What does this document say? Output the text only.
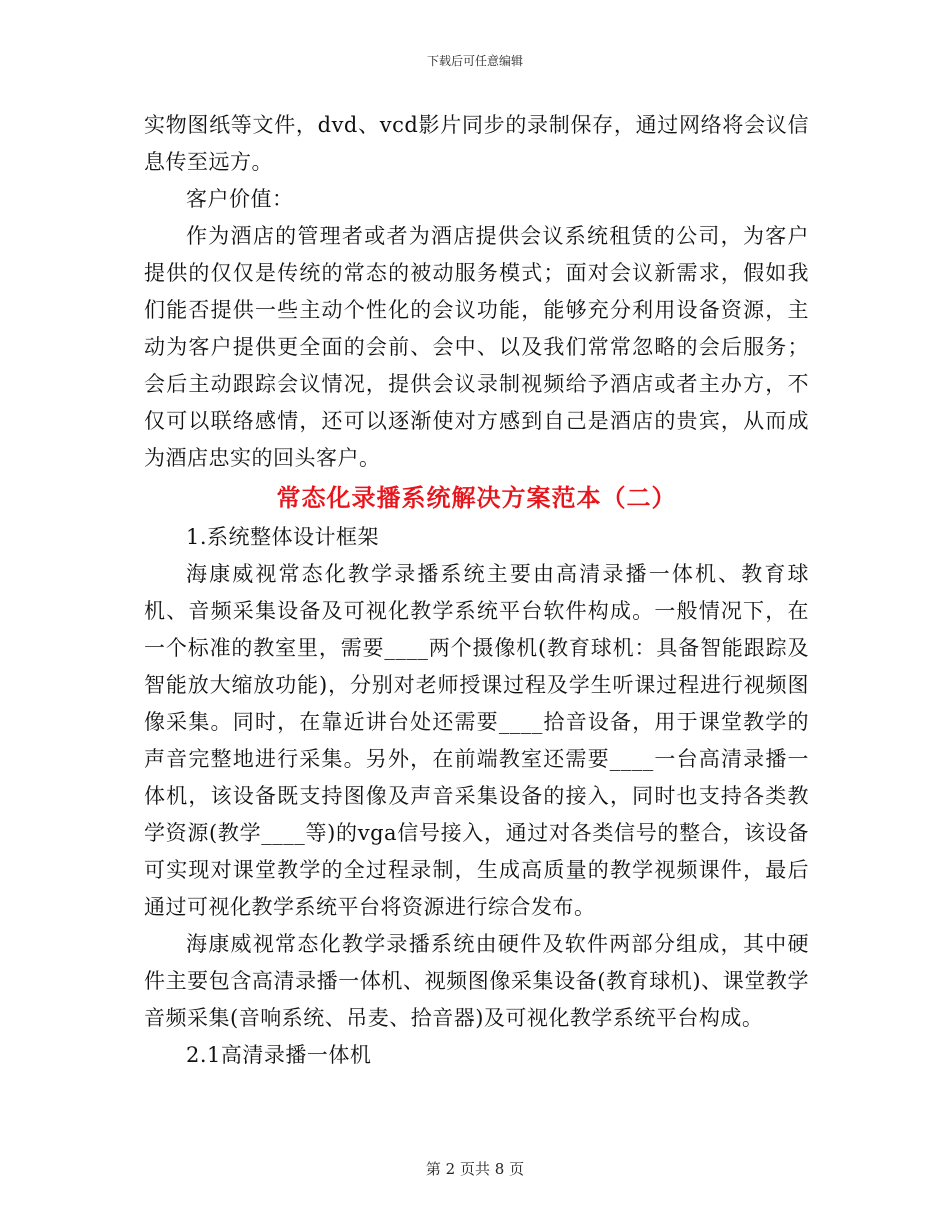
下载后可任意编辑

实物图纸等文件，dvd、vcd影片同步的录制保存，通过网络将会议信息传至远方。

客户价值：

作为酒店的管理者或者为酒店提供会议系统租赁的公司，为客户提供的仅仅是传统的常态的被动服务模式；面对会议新需求，假如我们能否提供一些主动个性化的会议功能，能够充分利用设备资源，主动为客户提供更全面的会前、会中、以及我们常常忽略的会后服务；会后主动跟踪会议情况，提供会议录制视频给予酒店或者主办方，不仅可以联络感情，还可以逐渐使对方感到自己是酒店的贵宾，从而成为酒店忠实的回头客户。

常态化录播系统解决方案范本（二）

1.系统整体设计框架

海康威视常态化教学录播系统主要由高清录播一体机、教育球机、音频采集设备及可视化教学系统平台软件构成。一般情况下，在一个标准的教室里，需要____两个摄像机(教育球机：具备智能跟踪及智能放大缩放功能)，分别对老师授课过程及学生听课过程进行视频图像采集。同时，在靠近讲台处还需要____拾音设备，用于课堂教学的声音完整地进行采集。另外，在前端教室还需要____一台高清录播一体机，该设备既支持图像及声音采集设备的接入，同时也支持各类教学资源(教学____等)的vga信号接入，通过对各类信号的整合，该设备可实现对课堂教学的全过程录制，生成高质量的教学视频课件，最后通过可视化教学系统平台将资源进行综合发布。

海康威视常态化教学录播系统由硬件及软件两部分组成，其中硬件主要包含高清录播一体机、视频图像采集设备(教育球机)、课堂教学音频采集(音响系统、吊麦、拾音器)及可视化教学系统平台构成。

2.1高清录播一体机

第 2 页共 8 页
